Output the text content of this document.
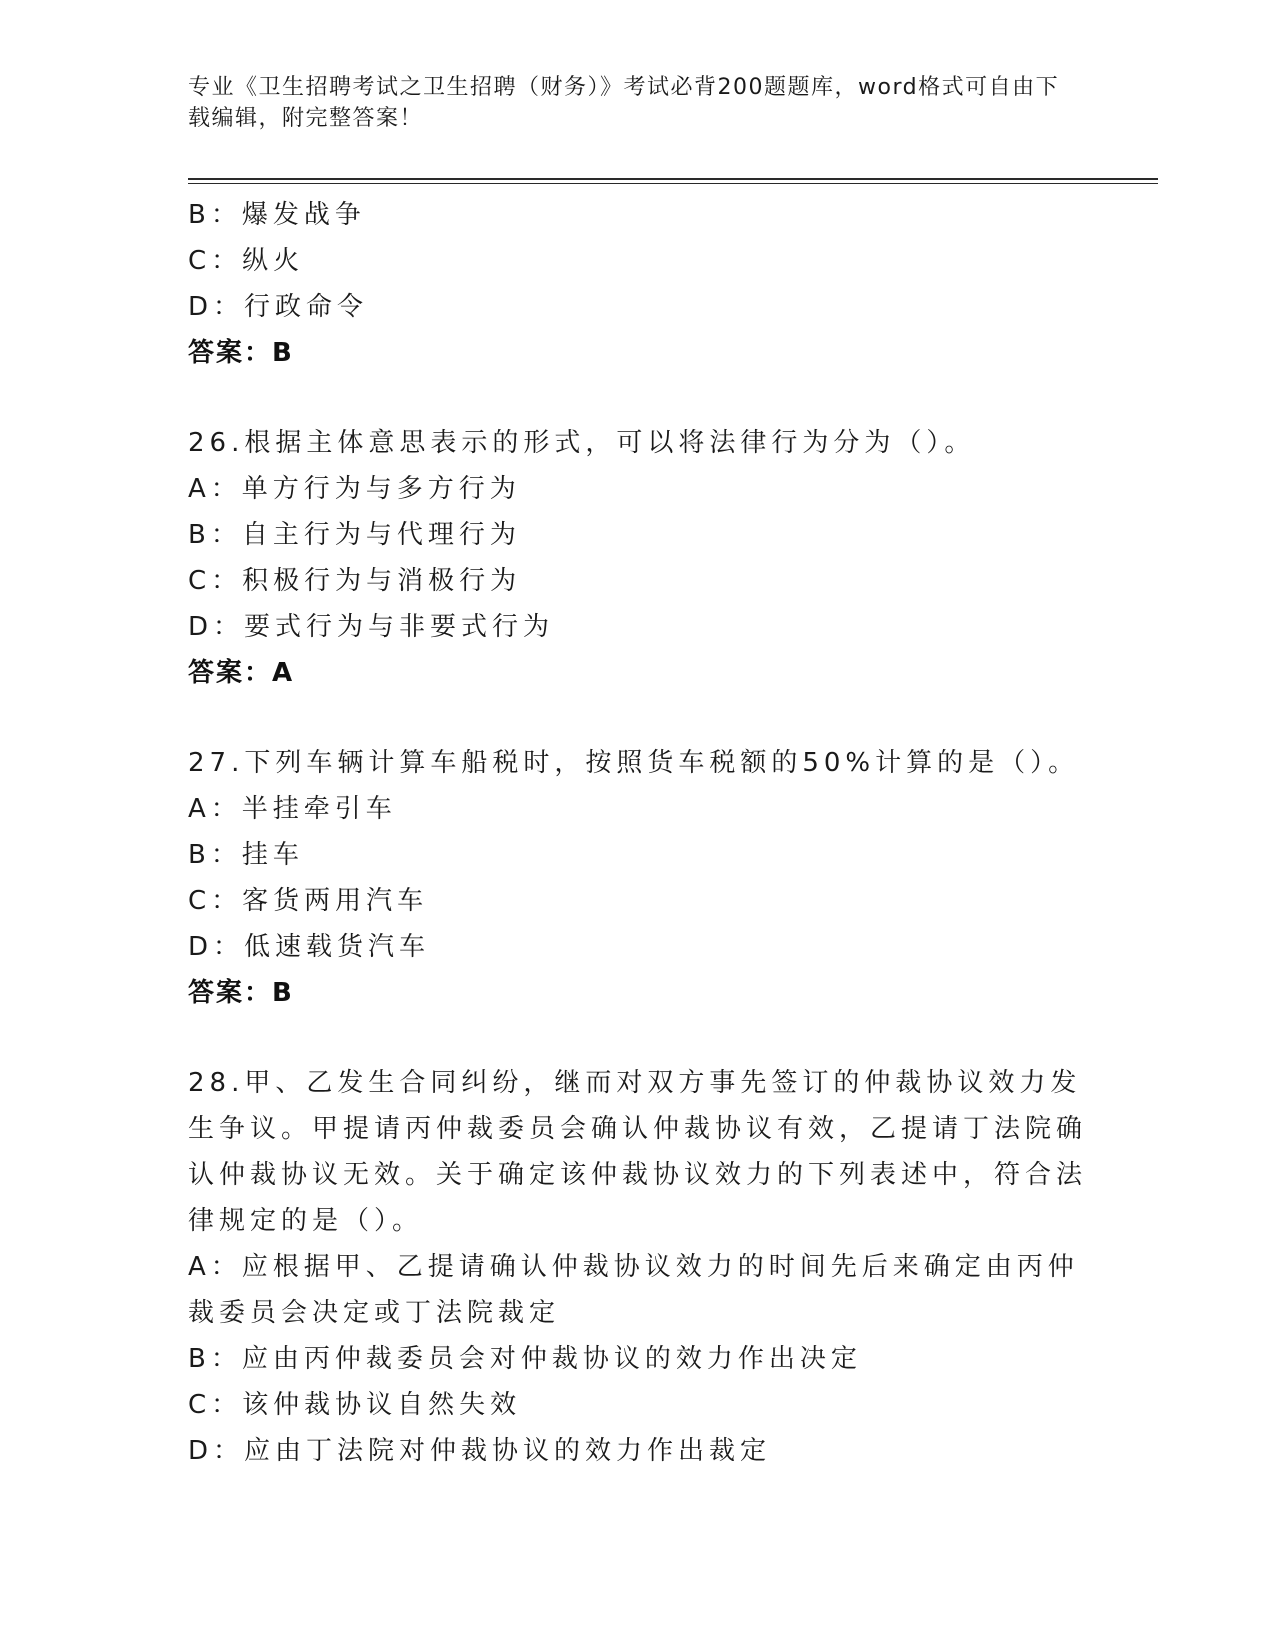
专业《卫生招聘考试之卫生招聘（财务）》考试必背200题题库，word格式可自由下载编辑，附完整答案！
B：爆发战争
C：纵火
D：行政命令
答案：B
26.根据主体意思表示的形式，可以将法律行为分为（）。
A：单方行为与多方行为
B：自主行为与代理行为
C：积极行为与消极行为
D：要式行为与非要式行为
答案：A
27.下列车辆计算车船税时，按照货车税额的50%计算的是（）。
A：半挂牵引车
B：挂车
C：客货两用汽车
D：低速载货汽车
答案：B
28.甲、乙发生合同纠纷，继而对双方事先签订的仲裁协议效力发生争议。甲提请丙仲裁委员会确认仲裁协议有效，乙提请丁法院确认仲裁协议无效。关于确定该仲裁协议效力的下列表述中，符合法律规定的是（）。
A：应根据甲、乙提请确认仲裁协议效力的时间先后来确定由丙仲裁委员会决定或丁法院裁定
B：应由丙仲裁委员会对仲裁协议的效力作出决定
C：该仲裁协议自然失效
D：应由丁法院对仲裁协议的效力作出裁定
